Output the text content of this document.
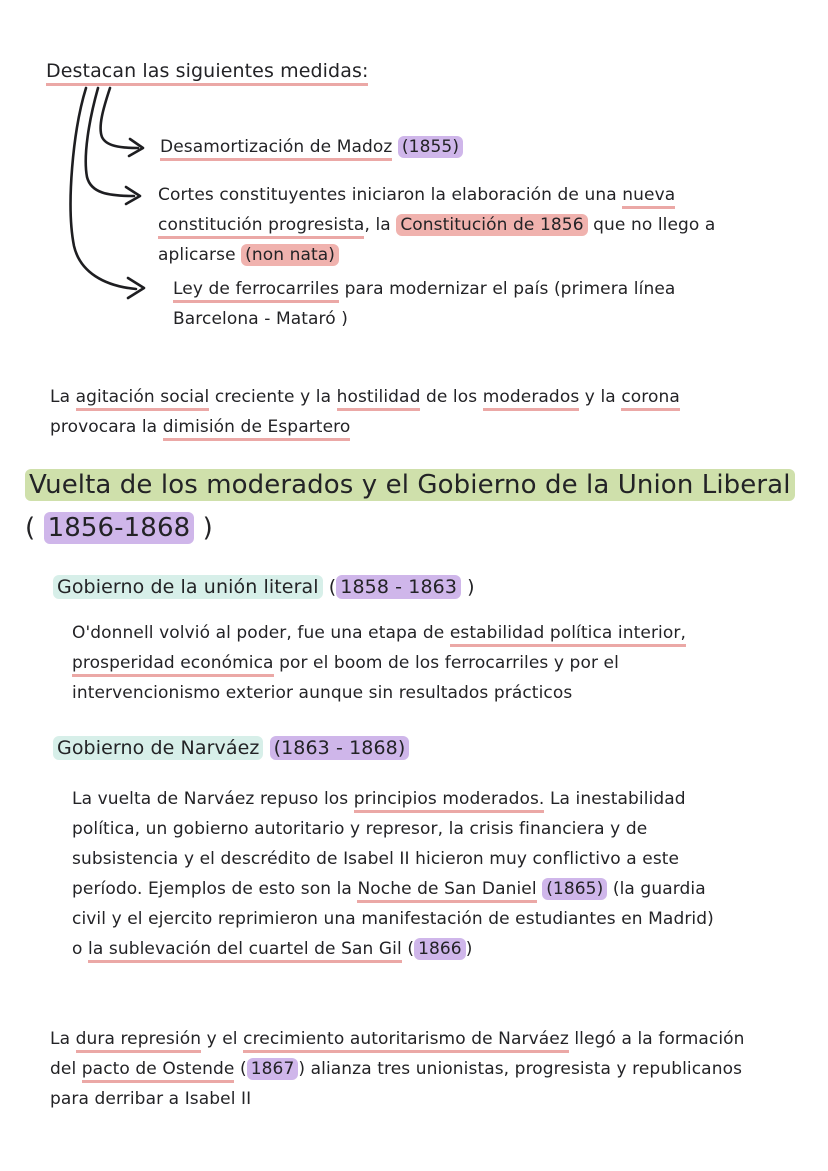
Destacan las siguientes medidas:
Desamortización de Madoz (1855)
Cortes constituyentes iniciaron la elaboración de una nueva constitución progresista, la Constitución de 1856 que no llego a aplicarse (non nata)
Ley de ferrocarriles para modernizar el país (primera línea Barcelona - Mataró )
La agitación social creciente y la hostilidad de los moderados y la corona provocara la dimisión de Espartero
Vuelta de los moderados y el Gobierno de la Union Liberal
( 1856-1868 )
Gobierno de la unión literal ( 1858 - 1863 )
O'donnell volvió al poder, fue una etapa de estabilidad política interior, prosperidad económica por el boom de los ferrocarriles y por el intervencionismo exterior aunque sin resultados prácticos
Gobierno de Narváez (1863 - 1868)
La vuelta de Narváez repuso los principios moderados. La inestabilidad política, un gobierno autoritario y represor, la crisis financiera y de subsistencia y el descrédito de Isabel II hicieron muy conflictivo a este período. Ejemplos de esto son la Noche de San Daniel (1865) (la guardia civil y el ejercito reprimieron una manifestación de estudiantes en Madrid) o la sublevación del cuartel de San Gil ( 1866 )
La dura represión y el crecimiento autoritarismo de Narváez llegó a la formación del pacto de Ostende ( 1867 ) alianza tres unionistas, progresista y republicanos para derribar a Isabel II
